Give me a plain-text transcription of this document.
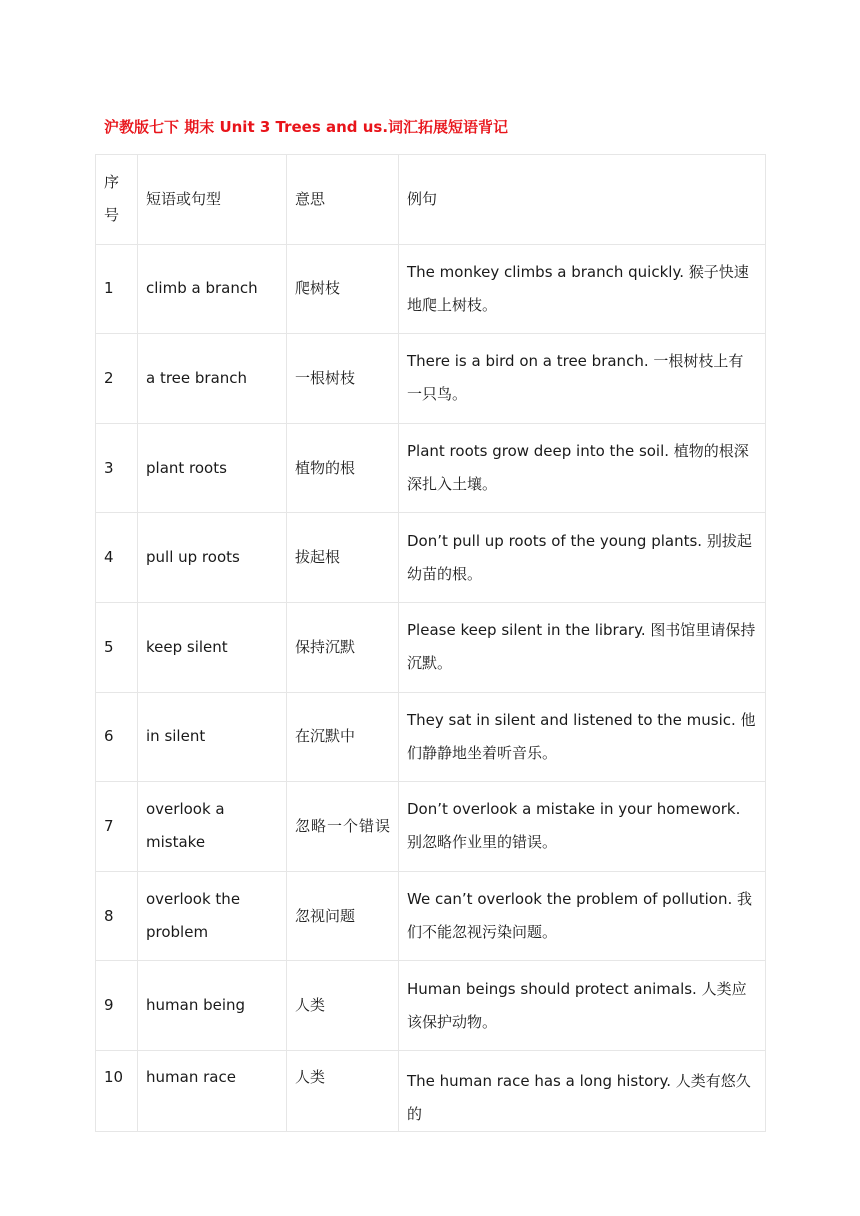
沪教版七下 期末 Unit 3 Trees and us.词汇拓展短语背记
序号	短语或句型	意思	例句
1	climb a branch	爬树枝	The monkey climbs a branch quickly. 猴子快速地爬上树枝。
2	a tree branch	一根树枝	There is a bird on a tree branch. 一根树枝上有一只鸟。
3	plant roots	植物的根	Plant roots grow deep into the soil. 植物的根深深扎入土壤。
4	pull up roots	拔起根	Don’t pull up roots of the young plants. 别拔起幼苗的根。
5	keep silent	保持沉默	Please keep silent in the library. 图书馆里请保持沉默。
6	in silent	在沉默中	They sat in silent and listened to the music. 他们静静地坐着听音乐。
7	overlook a mistake	忽略一个错误	Don’t overlook a mistake in your homework. 别忽略作业里的错误。
8	overlook the problem	忽视问题	We can’t overlook the problem of pollution. 我们不能忽视污染问题。
9	human being	人类	Human beings should protect animals. 人类应该保护动物。
10	human race	人类	The human race has a long history. 人类有悠久的
